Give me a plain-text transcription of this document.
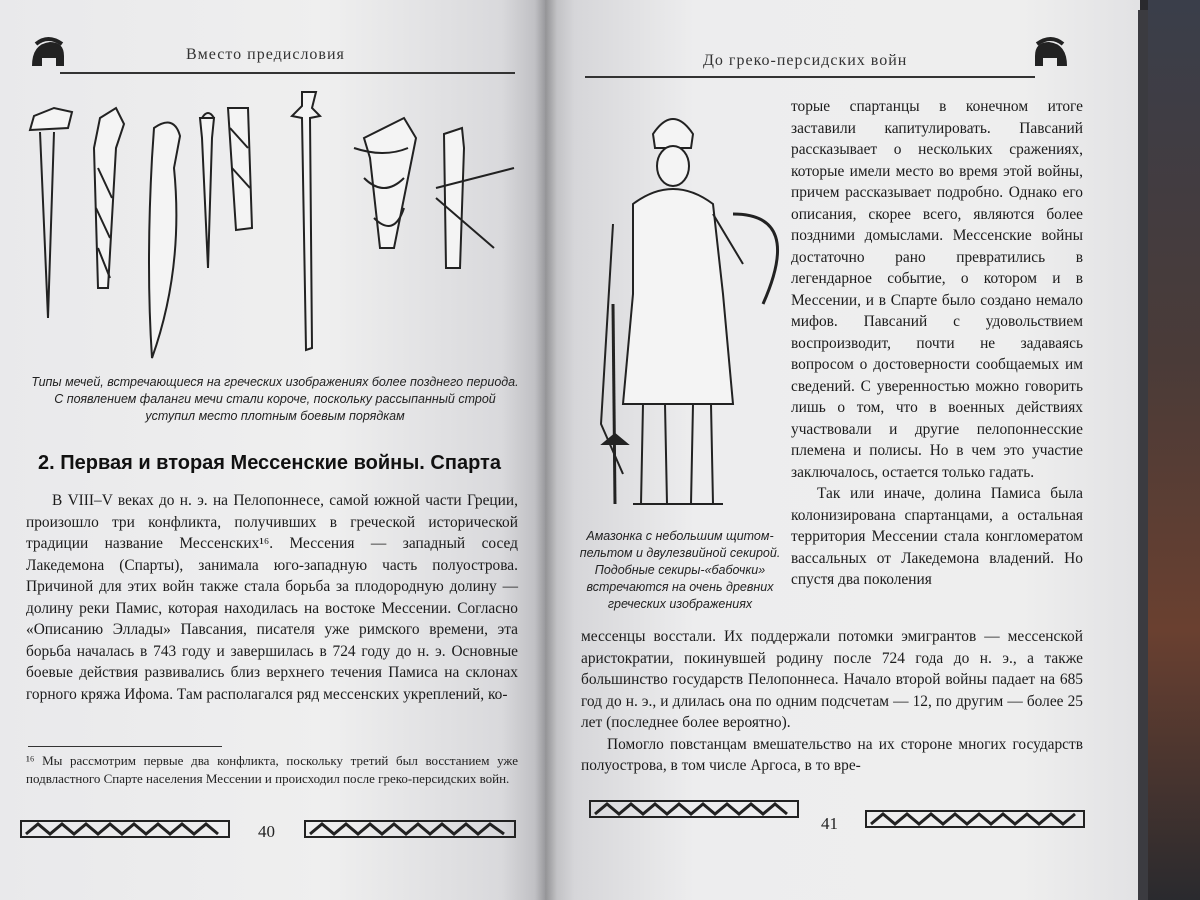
Вместо предисловия
Типы мечей, встречающиеся на греческих изображениях более позднего периода. С появлением фаланги мечи стали короче, поскольку рассыпанный строй уступил место плотным боевым порядкам
2. Первая и вторая Мессенские войны. Спарта

В VIII–V веках до н. э. на Пелопоннесе, самой южной части Греции, произошло три конфликта, получивших в греческой исторической традиции название Мессенских¹⁶. Мессения — западный сосед Лакедемона (Спарты), занимала юго-западную часть полуострова. Причиной для этих войн также стала борьба за плодородную долину — долину реки Памис, которая находилась на востоке Мессении. Согласно «Описанию Эллады» Павсания, писателя уже римского времени, эта борьба началась в 743 году и завершилась в 724 году до н. э. Основные боевые действия развивались близ верхнего течения Памиса на склонах горного кряжа Ифома. Там располагался ряд мессенских укреплений, ко-

¹⁶ Мы рассмотрим первые два конфликта, поскольку третий был восстанием уже подвластного Спарте населения Мессении и происходил после греко-персидских войн.
40
До греко-персидских войн
Амазонка с небольшим щитом-пельтом и двулезвийной секирой. Подобные секиры-«бабочки» встречаются на очень древних греческих изображениях

торые спартанцы в конечном итоге заставили капитулировать. Павсаний рассказывает о нескольких сражениях, которые имели место во время этой войны, причем рассказывает подробно. Однако его описания, скорее всего, являются более поздними домыслами. Мессенские войны достаточно рано превратились в легендарное событие, о котором и в Мессении, и в Спарте было создано немало мифов. Павсаний с удовольствием воспроизводит, почти не задаваясь вопросом о достоверности сообщаемых им сведений. С уверенностью можно говорить лишь о том, что в военных действиях участвовали и другие пелопоннесские племена и полисы. Но в чем это участие заключалось, остается только гадать.

Так или иначе, долина Памиса была колонизирована спартанцами, а остальная территория Мессении стала конгломератом вассальных от Лакедемона владений. Но спустя два поколения

мессенцы восстали. Их поддержали потомки эмигрантов — мессенской аристократии, покинувшей родину после 724 года до н. э., а также большинство государств Пелопоннеса. Начало второй войны падает на 685 год до н. э., и длилась она по одним подсчетам — 12, по другим — более 25 лет (последнее более вероятно).

Помогло повстанцам вмешательство на их стороне многих государств полуострова, в том числе Аргоса, в то вре-

41
